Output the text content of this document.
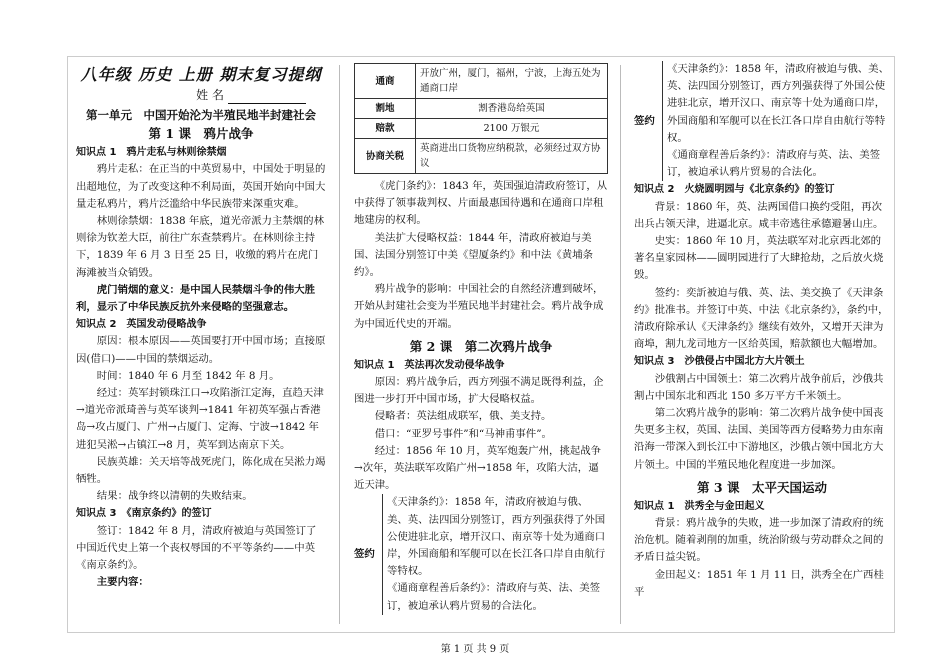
八年级 历史 上册 期末复习提纲
姓 名
第一单元　中国开始沦为半殖民地半封建社会
第 1 课　鸦片战争

知识点 1　鸦片走私与林则徐禁烟

鸦片走私：在正当的中英贸易中，中国处于明显的出超地位，为了改变这种不利局面，英国开始向中国大量走私鸦片，鸦片泛滥给中华民族带来深重灾难。

林则徐禁烟：1838 年底，道光帝派力主禁烟的林则徐为钦差大臣，前往广东查禁鸦片。在林则徐主持下，1839 年 6 月 3 日至 25 日，收缴的鸦片在虎门海滩被当众销毁。

虎门销烟的意义：是中国人民禁烟斗争的伟大胜利，显示了中华民族反抗外来侵略的坚强意志。

知识点 2　英国发动侵略战争

原因：根本原因——英国要打开中国市场；直接原因(借口)——中国的禁烟运动。

时间：1840 年 6 月至 1842 年 8 月。

经过：英军封锁珠江口→攻陷浙江定海，直趋天津→道光帝派琦善与英军谈判→1841 年初英军强占香港岛→攻占厦门、广州→占厦门、定海、宁波→1842 年进犯吴淞→占镇江→8 月，英军到达南京下关。

民族英雄：关天培等战死虎门，陈化成在吴淞力竭牺牲。

结果：战争终以清朝的失败结束。

知识点 3　《南京条约》的签订

签订：1842 年 8 月，清政府被迫与英国签订了中国近代史上第一个丧权辱国的不平等条约——中英《南京条约》。

主要内容：

通商	开放广州，厦门，福州，宁波，上海五处为通商口岸
割地	割香港岛给英国
赔款	2100 万银元
协商关税	英商进出口货物应纳税款，必须经过双方协议

《虎门条约》：1843 年，英国强迫清政府签订，从中获得了领事裁判权、片面最惠国待遇和在通商口岸租地建房的权利。

美法扩大侵略权益：1844 年，清政府被迫与美国、法国分别签订中美《望厦条约》和中法《黄埔条约》。

鸦片战争的影响：中国社会的自然经济遭到破坏，开始从封建社会变为半殖民地半封建社会。鸦片战争成为中国近代史的开端。

第 2 课　第二次鸦片战争

知识点 1　英法再次发动侵华战争

原因：鸦片战争后，西方列强不满足既得利益，企图进一步打开中国市场，扩大侵略权益。

侵略者：英法组成联军，俄、美支持。

借口：“亚罗号事件”和“马神甫事件”。

经过：1856 年 10 月，英军炮轰广州，挑起战争→次年，英法联军攻陷广州→1858 年，攻陷大沽，逼近天津。

签约

《天津条约》：1858 年，清政府被迫与俄、美、英、法四国分别签订，西方列强获得了外国公使进驻北京，增开汉口、南京等十处为通商口岸，外国商船和军舰可以在长江各口岸自由航行等特权。

《通商章程善后条约》：清政府与英、法、美签订，被迫承认鸦片贸易的合法化。

签约

《天津条约》：1858 年，清政府被迫与俄、美、英、法四国分别签订，西方列强获得了外国公使进驻北京，增开汉口、南京等十处为通商口岸，外国商船和军舰可以在长江各口岸自由航行等特权。

《通商章程善后条约》：清政府与英、法、美签订，被迫承认鸦片贸易的合法化。

知识点 2　火烧圆明园与《北京条约》的签订

背景：1860 年，英、法两国借口换约受阻，再次出兵占领天津，进逼北京。咸丰帝逃往承德避暑山庄。

史实：1860 年 10 月，英法联军对北京西北郊的著名皇家园林——圆明园进行了大肆抢劫，之后放火烧毁。

签约：奕訢被迫与俄、英、法、美交换了《天津条约》批准书。并签订中英、中法《北京条约》，条约中，清政府除承认《天津条约》继续有效外，又增开天津为商埠，割九龙司地方一区给英国，赔款额也大幅增加。

知识点 3　沙俄侵占中国北方大片领土

沙俄割占中国领土：第二次鸦片战争前后，沙俄共割占中国东北和西北 150 多万平方千米领土。

第二次鸦片战争的影响：第二次鸦片战争使中国丧失更多主权，英国、法国、美国等西方侵略势力由东南沿海一带深入到长江中下游地区，沙俄占领中国北方大片领土。中国的半殖民地化程度进一步加深。

第 3 课　太平天国运动

知识点 1　洪秀全与金田起义

背景：鸦片战争的失败，进一步加深了清政府的统治危机。随着剥削的加重，统治阶级与劳动群众之间的矛盾日益尖锐。

金田起义：1851 年 1 月 11 日，洪秀全在广西桂平

第 1 页 共 9 页
